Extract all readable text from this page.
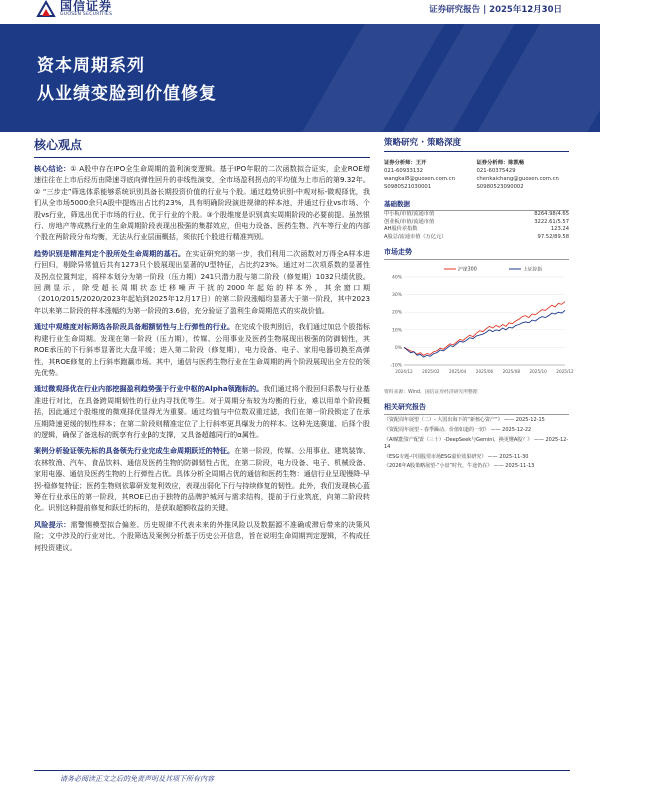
国信证券
GUOSEN SECURITIES	证券研究报告 | 2025年12月30日
资本周期系列
从业绩变脸到价值修复
核心观点

核心结论：① A股中存在IPO全生命周期的盈利演变逻辑。基于IPO年限的二次函数拟合证实，企业ROE增速往往在上市后经历由降速寻底向弹性回升的非线性演变，全市场盈利拐点的平均值为上市后的第9.32年。② “三步走”筛选体系能够系统识别具备长期投资价值的行业与个股。通过趋势识别-中观对标-微观择优，我们从全市场5000余只A股中提炼出占比约23%，具有明确阶段演进规律的样本池，并通过行业vs市场、个股vs行业，筛选出优于市场的行业、优于行业的个股。③个股维度是识别真实周期阶段的必要前提。虽然银行、房地产等成熟行业的生命周期阶段表现出极强的集群效应，但电力设备、医药生物、汽车等行业的内部个股在两阶段分布均衡，无法从行业层面概括，须依托个股进行精准判别。

趋势识别是精准判定个股所处生命周期的基石。在实证研究的第一步，我们利用二次函数对万得全A样本进行回归，剔除异常值后共有1273只个股展现出显著的U型特征，占比约23%。通过对二次项系数的显著性及拐点位置判定，将样本划分为第一阶段（压力期）241只潜力股与第二阶段（修复期）1032只绩优股。回测显示，除受超长周期状态迁移噪声干扰的2000年起始的样本外，其余窗口期（2010/2015/2020/2023年起始到2025年12月17日）的第二阶段涨幅均显著大于第一阶段，其中2023年以来第二阶段的样本涨幅约为第一阶段的3.6倍，充分验证了盈利生命周期范式的实战价值。

通过中观维度对标筛选各阶段具备超额韧性与上行弹性的行业。在完成个股判别后，我们通过加总个股指标构建行业生命周期。发现在第一阶段（压力期），传媒、公用事业及医药生物展现出极强的防御韧性，其ROE承压的下行斜率显著比大盘平缓；进入第二阶段（修复期），电力设备、电子、家用电器切换至高弹性，其ROE修复的上行斜率跑赢市场。其中，通信与医药生物行业在生命周期的两个阶段展现出全方位的领先优势。

通过微观择优在行业内部挖掘盈利趋势强于行业中枢的Alpha领跑标的。我们通过将个股回归系数与行业基准进行对比，在具备跨周期韧性的行业内寻找优等生。对于周期分布较为均衡的行业，难以用单个阶段概括，因此通过个股维度的微观择优显得尤为重要。通过均值与中位数双重过滤，我们在第一阶段锁定了在承压期降速更缓的韧性样本；在第二阶段则精准定位了上行斜率更具爆发力的样本。这种先选赛道、后择个股的逻辑，确保了备选标的既享有行业β的支撑，又具备超越同行的α属性。

案例分析验证领先标的具备领先行业完成生命周期跃迁的特征。在第一阶段，传媒、公用事业、建筑装饰、农林牧渔、汽车、食品饮料、通信及医药生物的防御韧性占优，在第二阶段，电力设备、电子、机械设备、家用电器、通信及医药生物的上行弹性占优。具体分析全周期占优的通信和医药生物：通信行业呈现慢降-早拐-稳修复特征；医药生物则依靠研发复利效应，表现出弱化下行与持续修复的韧性。此外，我们发现核心蓝筹在行业承压的第一阶段，其ROE已由于独特的品牌护城河与需求结构，提前于行业筑底，向第二阶段转化。识别这种提前修复和跃迁的标的，是获取超额收益的关键。

风险提示：需警惕模型拟合偏差、历史规律不代表未来的外推风险以及数据源不准确或滞后带来的决策风险；文中涉及的行业对比、个股筛选及案例分析基于历史公开信息，旨在说明生命周期判定逻辑，不构成任何投资建议。

策略研究 · 策略深度
证券分析师：王开
021-60933132
wangkai8@guosen.com.cn
S0980521030001
证券分析师：陈凯畅
021-60375429
chenkaichang@guosen.com.cn
S0980523090002
基础数据
中小板/市值/流通市值	8264.98/4.65
创业板/市值/流通市值	3222.61/5.57
AH股价差指数	123.24
A股总/流通市值（万亿元）	97.52/89.58
市场走势
40%
30%
20%
10%
0%
-10%
2024/12 2025/02 2025/04 2025/06 2025/08 2025/10 2025/12
沪深300	上证综指
资料来源：Wind、国信证券经济研究所整理
相关研究报告
《资配周年展望（二）- 大国出海下的“新核心资产”》 —— 2025-12-15
《资配周年展望 - 春季躁动、价值如道的一切》 —— 2025-12-22
《AI赋能资产配置（三十）-DeepSeek与Gemini，换更懂A股？》 —— 2025-12-14
《ESG专题-中国股票市场ESG溢价效果研究》 —— 2025-11-30
《2026年A股策略展望-“小盘”时代，牛途仍在》 —— 2025-11-13
请务必阅读正文之后的免责声明及其项下所有内容
